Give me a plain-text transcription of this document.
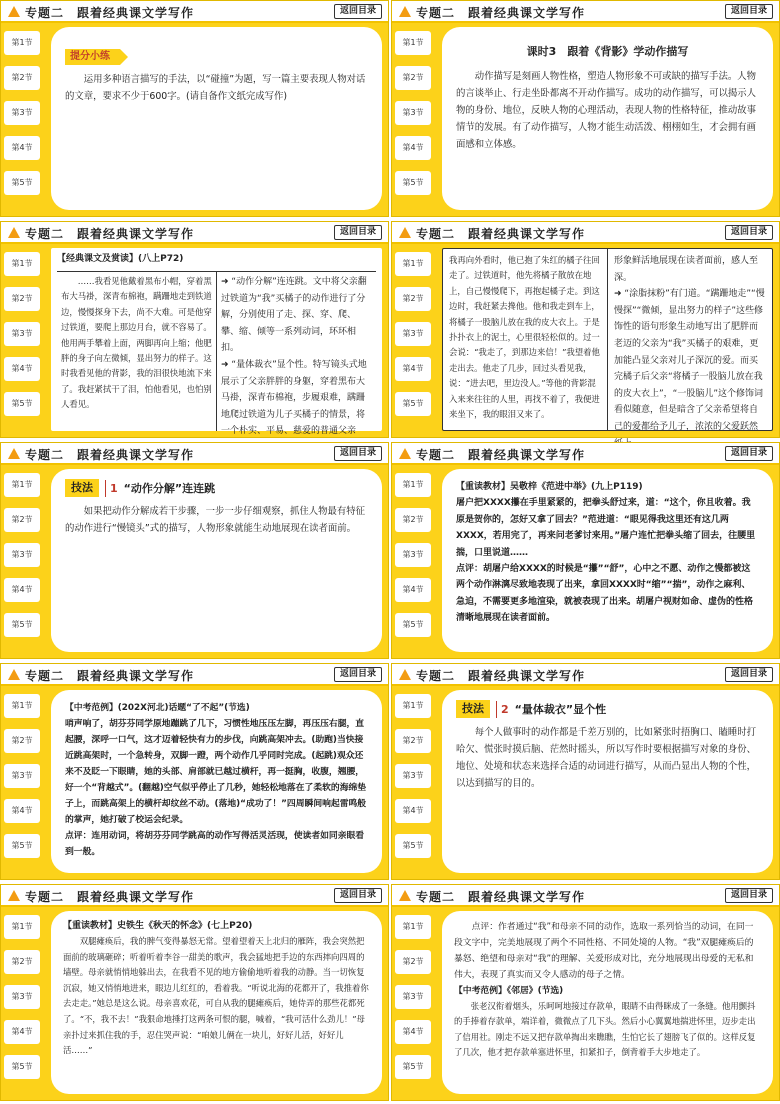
专题二　跟着经典课文学写作	返回目录
第1节
第2节
第3节
第4节
第5节
提分小练

运用多种语言描写的手法，以“碰撞”为题，写一篇主要表现人物对话的文章，要求不少于600字。(请自备作文纸完成写作)

专题二　跟着经典课文学写作	返回目录
第1节
第2节
第3节
第4节
第5节
课时3　跟着《背影》学动作描写

动作描写是刻画人物性格，塑造人物形象不可或缺的描写手法。人物的言谈举止、行走坐卧都离不开动作描写。成功的动作描写，可以揭示人物的身份、地位，反映人物的心理活动，表现人物的性格特征，推动故事情节的发展。有了动作描写，人物才能生动活泼、栩栩如生，才会拥有画面感和立体感。

专题二　跟着经典课文学写作	返回目录
第1节
第2节
第3节
第4节
第5节

【经典课文及赏读】(八上P72)

……我看见他戴着黑布小帽，穿着黑布大马褂，深青布棉袍，蹒跚地走到铁道边，慢慢探身下去，尚不大难。可是他穿过铁道，要爬上那边月台，就不容易了。他用两手攀着上面，两脚再向上缩；他肥胖的身子向左微倾，显出努力的样子。这时我看见他的背影，我的泪很快地流下来了。我赶紧拭干了泪，怕他看见，也怕别人看见。

➜ “动作分解”连连跳。文中将父亲翻过铁道为“我”买橘子的动作进行了分解，分别使用了走、探、穿、爬、攀、缩、倾等一系列动词，环环相扣。

➜ “量体裁衣”显个性。特写镜头式地展示了父亲胖胖的身躯，穿着黑布大马褂，深青布棉袍，步履艰难，蹒跚地爬过铁道为儿子买橘子的情景，将一个朴实、平易、慈爱的普通父亲

专题二　跟着经典课文学写作	返回目录
第1节
第2节
第3节
第4节
第5节

我再向外看时，他已抱了朱红的橘子往回走了。过铁道时，他先将橘子散放在地上，自己慢慢爬下，再抱起橘子走。到这边时，我赶紧去搀他。他和我走到车上，将橘子一股脑儿放在我的皮大衣上。于是扑扑衣上的泥土，心里很轻松似的。过一会说：“我走了，到那边来信！”我望着他走出去。他走了几步，回过头看见我，说：“进去吧，里边没人。”等他的背影混入来来往往的人里，再找不着了，我便进来坐下，我的眼泪又来了。

形象鲜活地展现在读者面前，感人至深。

➜ “涂脂抹粉”有门道。“蹒跚地走”“慢慢探”“微倾，显出努力的样子”这些修饰性的语句形象生动地写出了肥胖而老迈的父亲为“我”买橘子的艰难，更加能凸显父亲对儿子深沉的爱。而买完橘子后父亲“将橘子一股脑儿放在我的皮大衣上”，“一股脑儿”这个修饰词看似随意，但是暗含了父亲希望将自己的爱都给予儿子，浓浓的父爱跃然

专题二　跟着经典课文学写作	返回目录
第1节
第2节
第3节
第4节
第5节
技法	1 “动作分解”连连跳

如果把动作分解成若干步骤，一步一步仔细观察，抓住人物最有特征的动作进行“慢镜头”式的描写，人物形象就能生动地展现在读者面前。

专题二　跟着经典课文学写作	返回目录
第1节
第2节
第3节
第4节
第5节

【重读教材】吴敬梓《范进中举》(九上P119)

屠户把XXXX攥在手里紧紧的，把拳头舒过来，道：“这个，你且收着。我原是贺你的，怎好又拿了回去？”范进道：“眼见得我这里还有这几两XXXX，若用完了，再来问老爹讨来用。”屠户连忙把拳头缩了回去，往腰里揣，口里说道……

点评：胡屠户给XXXX的时候是“攥”“舒”，心中之不愿、动作之慢都被这两个动作淋漓尽致地表现了出来，拿回XXXX时“缩”“揣”，动作之麻利、急迫，不需要更多地渲染，就被表现了出来。胡屠户视财如命、虚伪的性格清晰地展现在读者面前。

专题二　跟着经典课文学写作	返回目录
第1节
第2节
第3节
第4节
第5节

【中考范例】(202X河北)话题“了不起”(节选)

哨声响了，胡芬芬同学原地蹦跳了几下，习惯性地压压左脚，再压压右腿，直起腰，深呼一口气，这才迈着轻快有力的步伐，向跳高架冲去。(助跑)当快接近跳高架时，一个急转身，双脚一蹬，两个动作几乎同时完成。(起跳)观众还来不及眨一下眼睛，她的头部、肩部就已越过横杆，再一挺胸，收腹，翘腰，好一个“背越式”。(翻越)空气似乎停止了几秒，她轻松地落在了柔软的海绵垫子上，而跳高架上的横杆却纹丝不动。(落地)“成功了！”四周瞬间响起雷鸣般的掌声，她打破了校运会纪录。

点评：连用动词，将胡芬芬同学跳高的动作写得活灵活现，使读者如同亲眼看到一般。

专题二　跟着经典课文学写作	返回目录
第1节
第2节
第3节
第4节
第5节
技法	2 “量体裁衣”显个性

每个人做事时的动作都是千差万别的，比如紧张时捂胸口、瞌睡时打哈欠、慌张时摸后脑、茫然时摇头，所以写作时要根据描写对象的身份、地位、处境和状态来选择合适的动词进行描写，从而凸显出人物的个性，以达到描写的目的。

专题二　跟着经典课文学写作	返回目录
第1节
第2节
第3节
第4节
第5节

【重读教材】史铁生《秋天的怀念》(七上P20)

双腿瘫痪后，我的脾气变得暴怒无常。望着望着天上北归的雁阵，我会突然把面前的玻璃砸碎；听着听着李谷一甜美的歌声，我会猛地把手边的东西摔向四周的墙壁。母亲就悄悄地躲出去，在我看不见的地方偷偷地听着我的动静。当一切恢复沉寂，她又悄悄地进来，眼边儿红红的，看着我。“听说北海的花都开了，我推着你去走走。”她总是这么说。母亲喜欢花，可自从我的腿瘫痪后，她侍弄的那些花都死了。“不，我不去！”我狠命地捶打这两条可恨的腿，喊着，“我可活什么劲儿！”母亲扑过来抓住我的手，忍住哭声说：“咱娘儿俩在一块儿，好好儿活，好好儿活……”

专题二　跟着经典课文学写作	返回目录
第1节
第2节
第3节
第4节
第5节

点评：作者通过“我”和母亲不同的动作，选取一系列恰当的动词，在同一段文字中，完美地展现了两个不同性格、不同处境的人物。“我”双腿瘫痪后的暴怒、绝望和母亲对“我”的理解、关爱形成对比，充分地展现出母爱的无私和伟大，表现了真实而又令人感动的母子之情。

【中考范例】《邻居》(节选)

张老汉衔着烟头，乐呵呵地接过存款单，眼睛不由得眯成了一条缝。他用颤抖的手捧着存款单，端详着，微微点了几下头。然后小心翼翼地揣进怀里，迈步走出了信用社。刚走不远又把存款单掏出来瞧瞧，生怕它长了翅膀飞了似的。这样反复了几次，他才把存款单塞进怀里，扣紧扣子，倒背着手大步地走了。
